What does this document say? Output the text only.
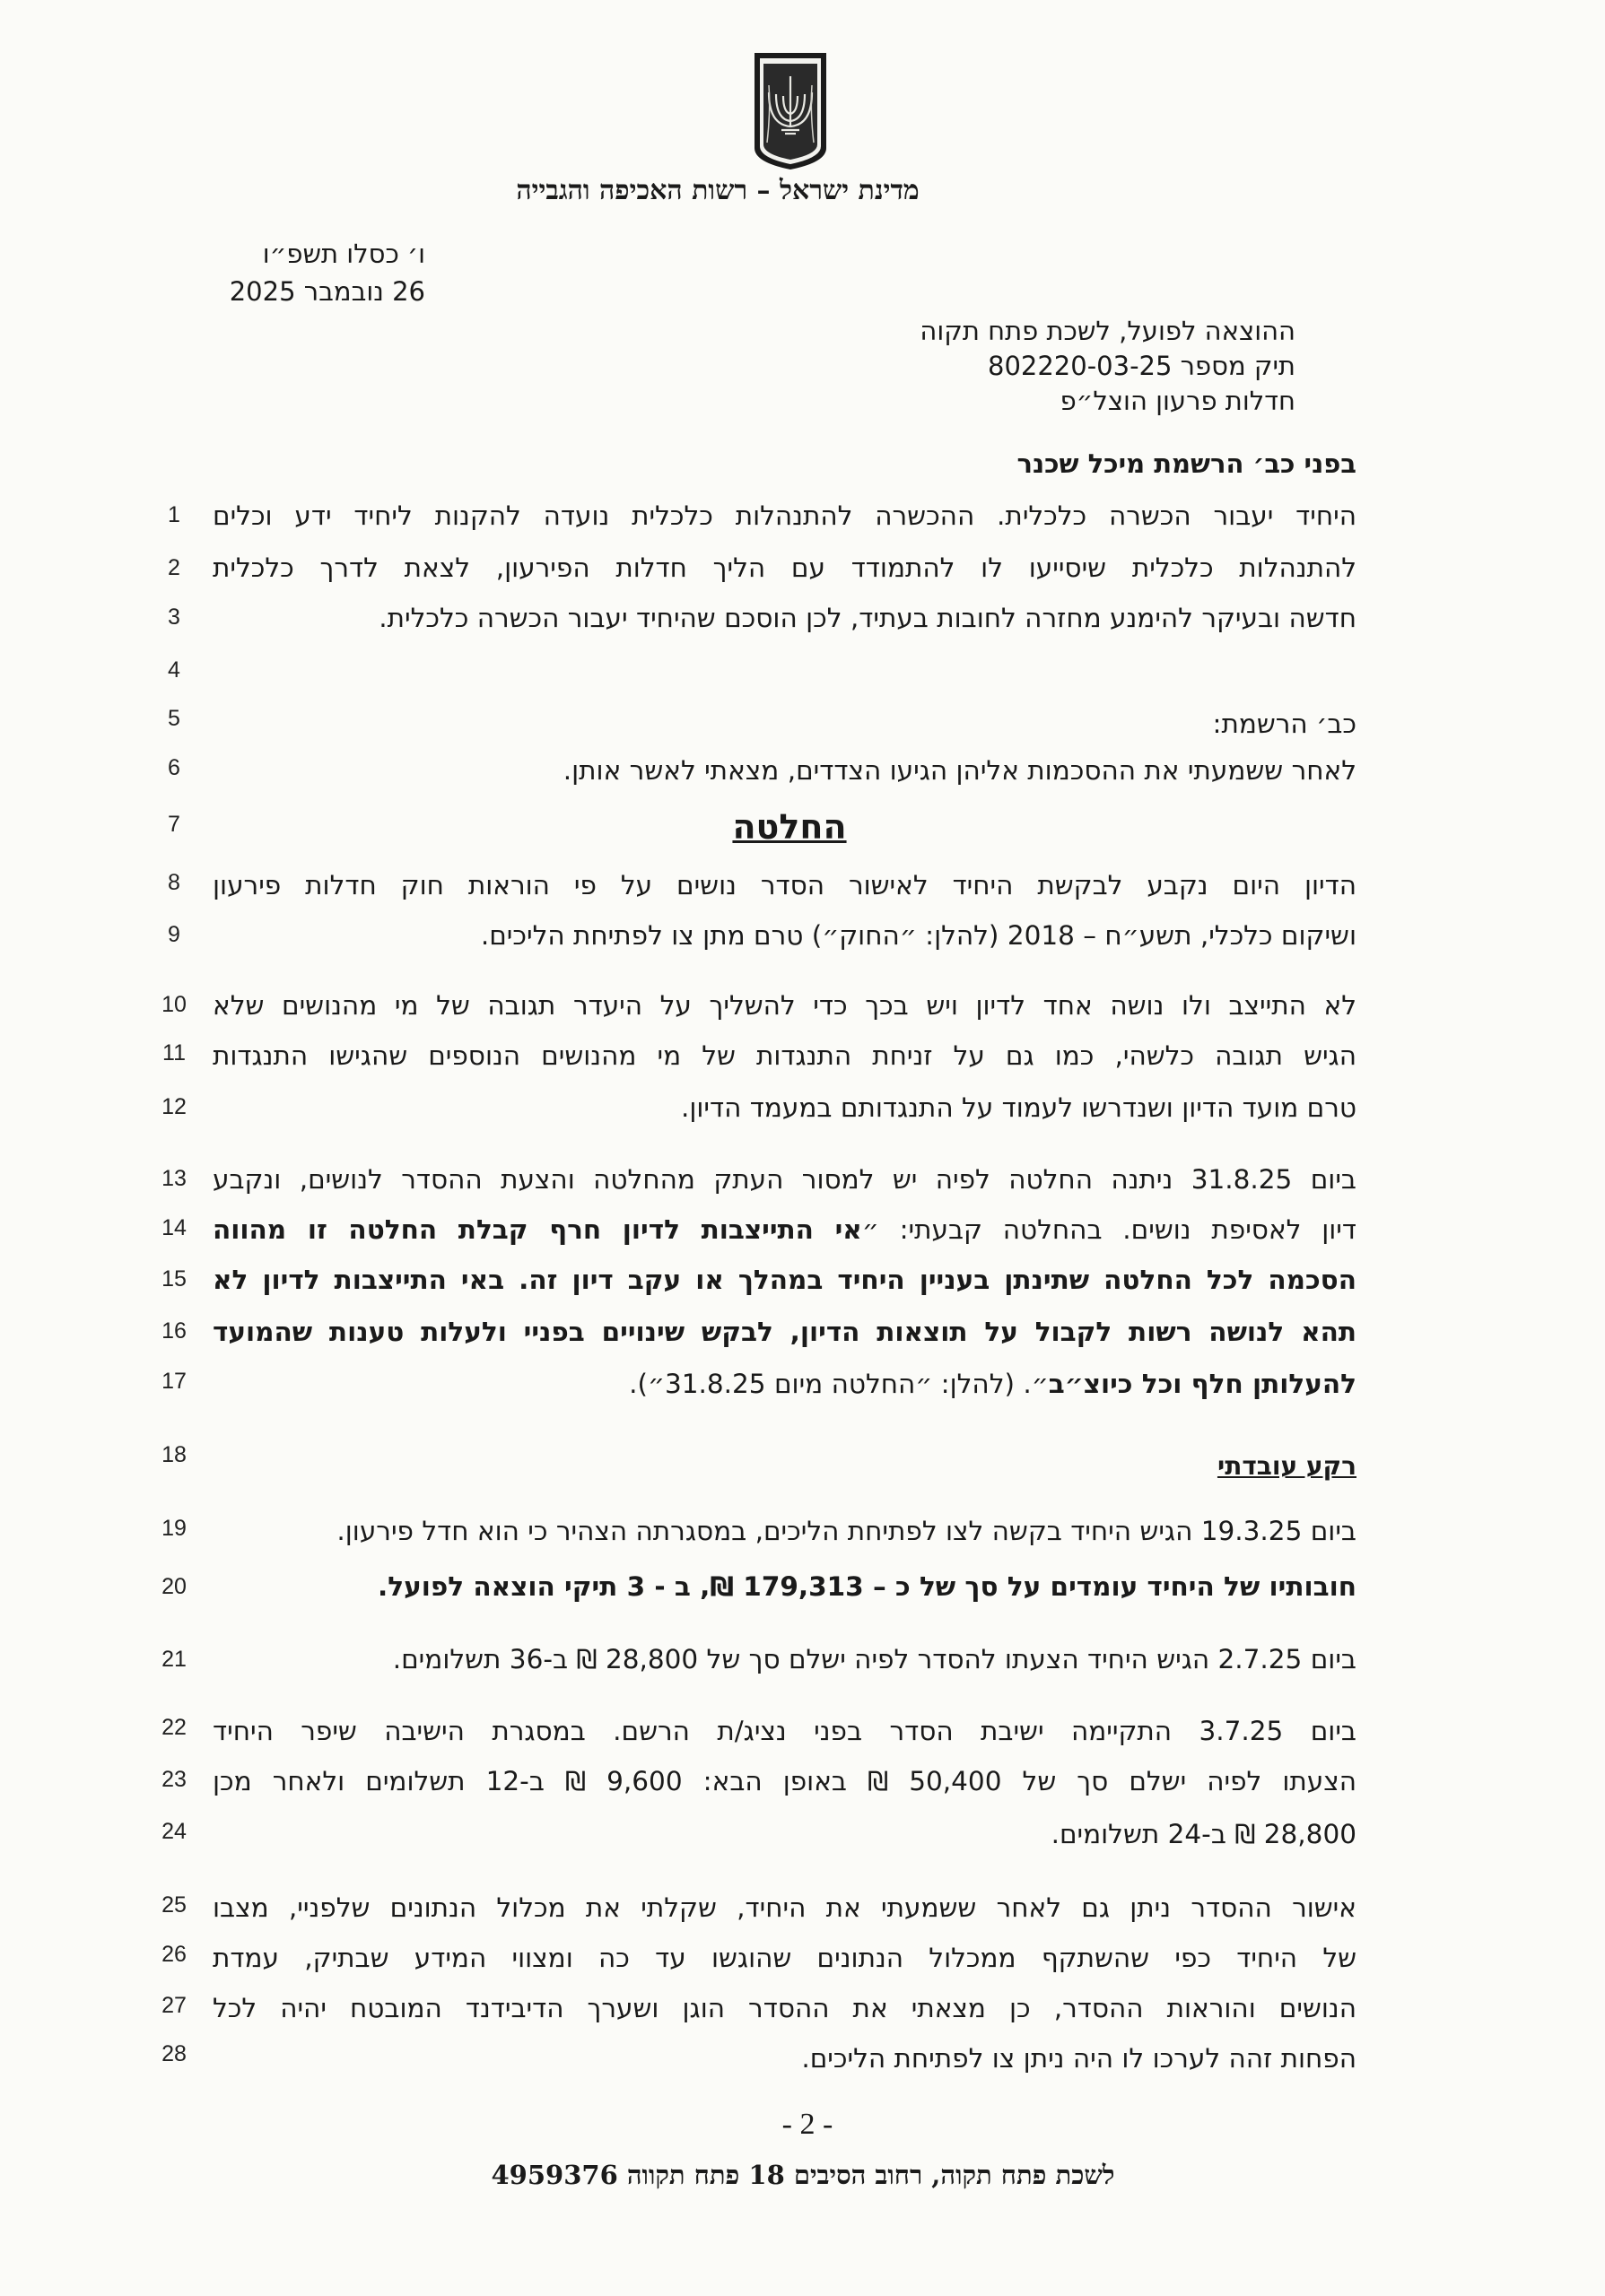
מדינת ישראל – רשות האכיפה והגבייה
ו׳ כסלו תשפ״ו
26 נובמבר 2025
ההוצאה לפועל, לשכת פתח תקוה
תיק מספר 802220-03-25
חדלות פרעון הוצל״פ
בפני כב׳ הרשמת מיכל שכנר
1
2
3
4
5
6
7
8
9
10
11
12
13
14
15
16
17
18
19
20
21
22
23
24
25
26
27
28
היחיד יעבור הכשרה כלכלית. ההכשרה להתנהלות כלכלית נועדה להקנות ליחיד ידע וכלים
להתנהלות כלכלית שיסייעו לו להתמודד עם הליך חדלות הפירעון, לצאת לדרך כלכלית
חדשה ובעיקר להימנע מחזרה לחובות בעתיד, לכן הוסכם שהיחיד יעבור הכשרה כלכלית.
כב׳ הרשמת:
לאחר ששמעתי את ההסכמות אליהן הגיעו הצדדים, מצאתי לאשר אותן.
החלטה
הדיון היום נקבע לבקשת היחיד לאישור הסדר נושים על פי הוראות חוק חדלות פירעון
ושיקום כלכלי, תשע״ח – 2018 (להלן: ״החוק״) טרם מתן צו לפתיחת הליכים.
לא התייצב ולו נושה אחד לדיון ויש בכך כדי להשליך על היעדר תגובה של מי מהנושים שלא
הגיש תגובה כלשהי, כמו גם על זניחת התנגדות של מי מהנושים הנוספים שהגישו התנגדות
טרם מועד הדיון ושנדרשו לעמוד על התנגדותם במעמד הדיון.
ביום 31.8.25 ניתנה החלטה לפיה יש למסור העתק מהחלטה והצעת ההסדר לנושים, ונקבע
דיון לאסיפת נושים. בהחלטה קבעתי: ״אי התייצבות לדיון חרף קבלת החלטה זו מהווה
הסכמה לכל החלטה שתינתן בעניין היחיד במהלך או עקב דיון זה. באי התייצבות לדיון לא
תהא לנושה רשות לקבול על תוצאות הדיון, לבקש שינויים בפניי ולעלות טענות שהמועד
להעלותן חלף וכל כיוצ״ב״. (להלן: ״החלטה מיום 31.8.25״).
רקע עובדתי
ביום 19.3.25 הגיש היחיד בקשה לצו לפתיחת הליכים, במסגרתה הצהיר כי הוא חדל פירעון.
חובותיו של היחיד עומדים על סך של כ – 179,313 ₪, ב - 3 תיקי הוצאה לפועל.
ביום 2.7.25 הגיש היחיד הצעתו להסדר לפיה ישלם סך של 28,800 ₪ ב-36 תשלומים.
ביום 3.7.25 התקיימה ישיבת הסדר בפני נציג/ת הרשם. במסגרת הישיבה שיפר היחיד
הצעתו לפיה ישלם סך של 50,400 ₪ באופן הבא: 9,600 ₪ ב-12 תשלומים ולאחר מכן
28,800 ₪ ב-24 תשלומים.
אישור ההסדר ניתן גם לאחר ששמעתי את היחיד, שקלתי את מכלול הנתונים שלפניי, מצבו
של היחיד כפי שהשתקף ממכלול הנתונים שהוגשו עד כה ומצווי המידע שבתיק, עמדת
הנושים והוראות ההסדר, כן מצאתי את ההסדר הוגן ושערך הדיבידנד המובטח יהיה לכל
הפחות זהה לערכו לו היה ניתן צו לפתיחת הליכים.
- 2 -
לשכת פתח תקוה, רחוב הסיבים 18 פתח תקווה 4959376
